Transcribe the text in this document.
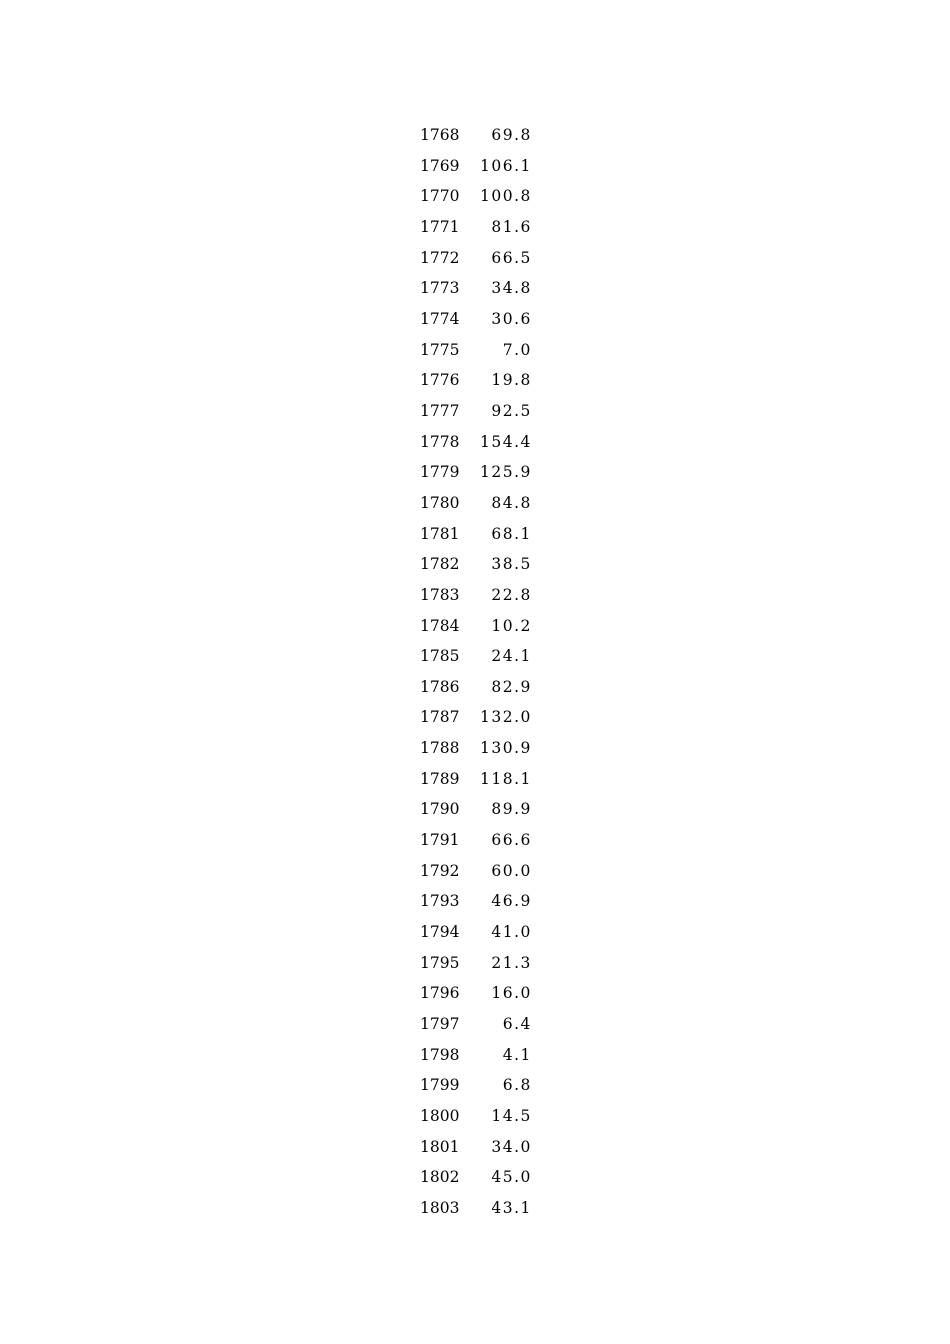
1768	69.8
1769	106.1
1770	100.8
1771	81.6
1772	66.5
1773	34.8
1774	30.6
1775	7.0
1776	19.8
1777	92.5
1778	154.4
1779	125.9
1780	84.8
1781	68.1
1782	38.5
1783	22.8
1784	10.2
1785	24.1
1786	82.9
1787	132.0
1788	130.9
1789	118.1
1790	89.9
1791	66.6
1792	60.0
1793	46.9
1794	41.0
1795	21.3
1796	16.0
1797	6.4
1798	4.1
1799	6.8
1800	14.5
1801	34.0
1802	45.0
1803	43.1
